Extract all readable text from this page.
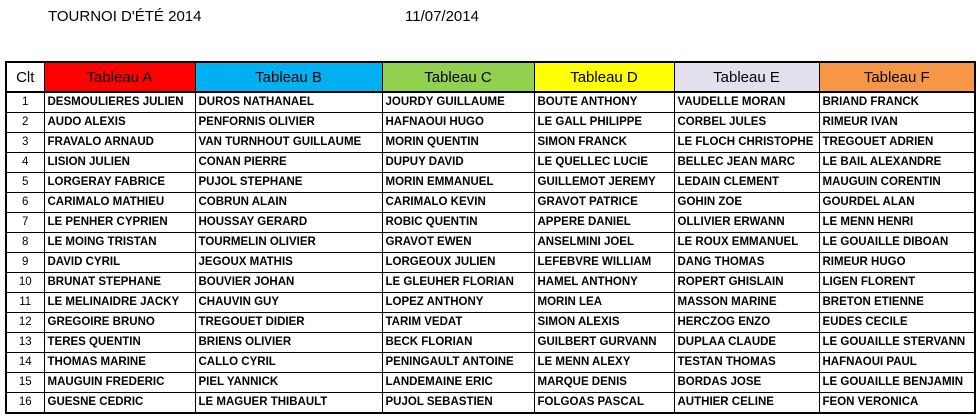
TOURNOI D'ÉTÉ 2014	11/07/2014
Clt	Tableau A	Tableau B	Tableau C	Tableau D	Tableau E	Tableau F
1	DESMOULIERES JULIEN	DUROS NATHANAEL	JOURDY GUILLAUME	BOUTE ANTHONY	VAUDELLE MORAN	BRIAND FRANCK
2	AUDO ALEXIS	PENFORNIS OLIVIER	HAFNAOUI HUGO	LE GALL PHILIPPE	CORBEL JULES	RIMEUR IVAN
3	FRAVALO ARNAUD	VAN TURNHOUT GUILLAUME	MORIN QUENTIN	SIMON FRANCK	LE FLOCH CHRISTOPHE	TREGOUET ADRIEN
4	LISION JULIEN	CONAN PIERRE	DUPUY DAVID	LE QUELLEC LUCIE	BELLEC JEAN MARC	LE BAIL ALEXANDRE
5	LORGERAY FABRICE	PUJOL STEPHANE	MORIN EMMANUEL	GUILLEMOT JEREMY	LEDAIN CLEMENT	MAUGUIN CORENTIN
6	CARIMALO MATHIEU	COBRUN ALAIN	CARIMALO KEVIN	GRAVOT PATRICE	GOHIN ZOE	GOURDEL ALAN
7	LE PENHER CYPRIEN	HOUSSAY GERARD	ROBIC QUENTIN	APPERE DANIEL	OLLIVIER ERWANN	LE MENN HENRI
8	LE MOING TRISTAN	TOURMELIN OLIVIER	GRAVOT EWEN	ANSELMINI JOEL	LE ROUX EMMANUEL	LE GOUAILLE DIBOAN
9	DAVID CYRIL	JEGOUX MATHIS	LORGEOUX JULIEN	LEFEBVRE WILLIAM	DANG THOMAS	RIMEUR HUGO
10	BRUNAT STEPHANE	BOUVIER JOHAN	LE GLEUHER FLORIAN	HAMEL ANTHONY	ROPERT GHISLAIN	LIGEN FLORENT
11	LE MELINAIDRE JACKY	CHAUVIN GUY	LOPEZ ANTHONY	MORIN LEA	MASSON MARINE	BRETON ETIENNE
12	GREGOIRE BRUNO	TREGOUET DIDIER	TARIM VEDAT	SIMON ALEXIS	HERCZOG ENZO	EUDES CECILE
13	TERES QUENTIN	BRIENS OLIVIER	BECK FLORIAN	GUILBERT GURVANN	DUPLAA CLAUDE	LE GOUAILLE STERVANN
14	THOMAS MARINE	CALLO CYRIL	PENINGAULT ANTOINE	LE MENN ALEXY	TESTAN THOMAS	HAFNAOUI PAUL
15	MAUGUIN FREDERIC	PIEL YANNICK	LANDEMAINE ERIC	MARQUE DENIS	BORDAS JOSE	LE GOUAILLE BENJAMIN
16	GUESNE CEDRIC	LE MAGUER THIBAULT	PUJOL SEBASTIEN	FOLGOAS PASCAL	AUTHIER CELINE	FEON VERONICA
